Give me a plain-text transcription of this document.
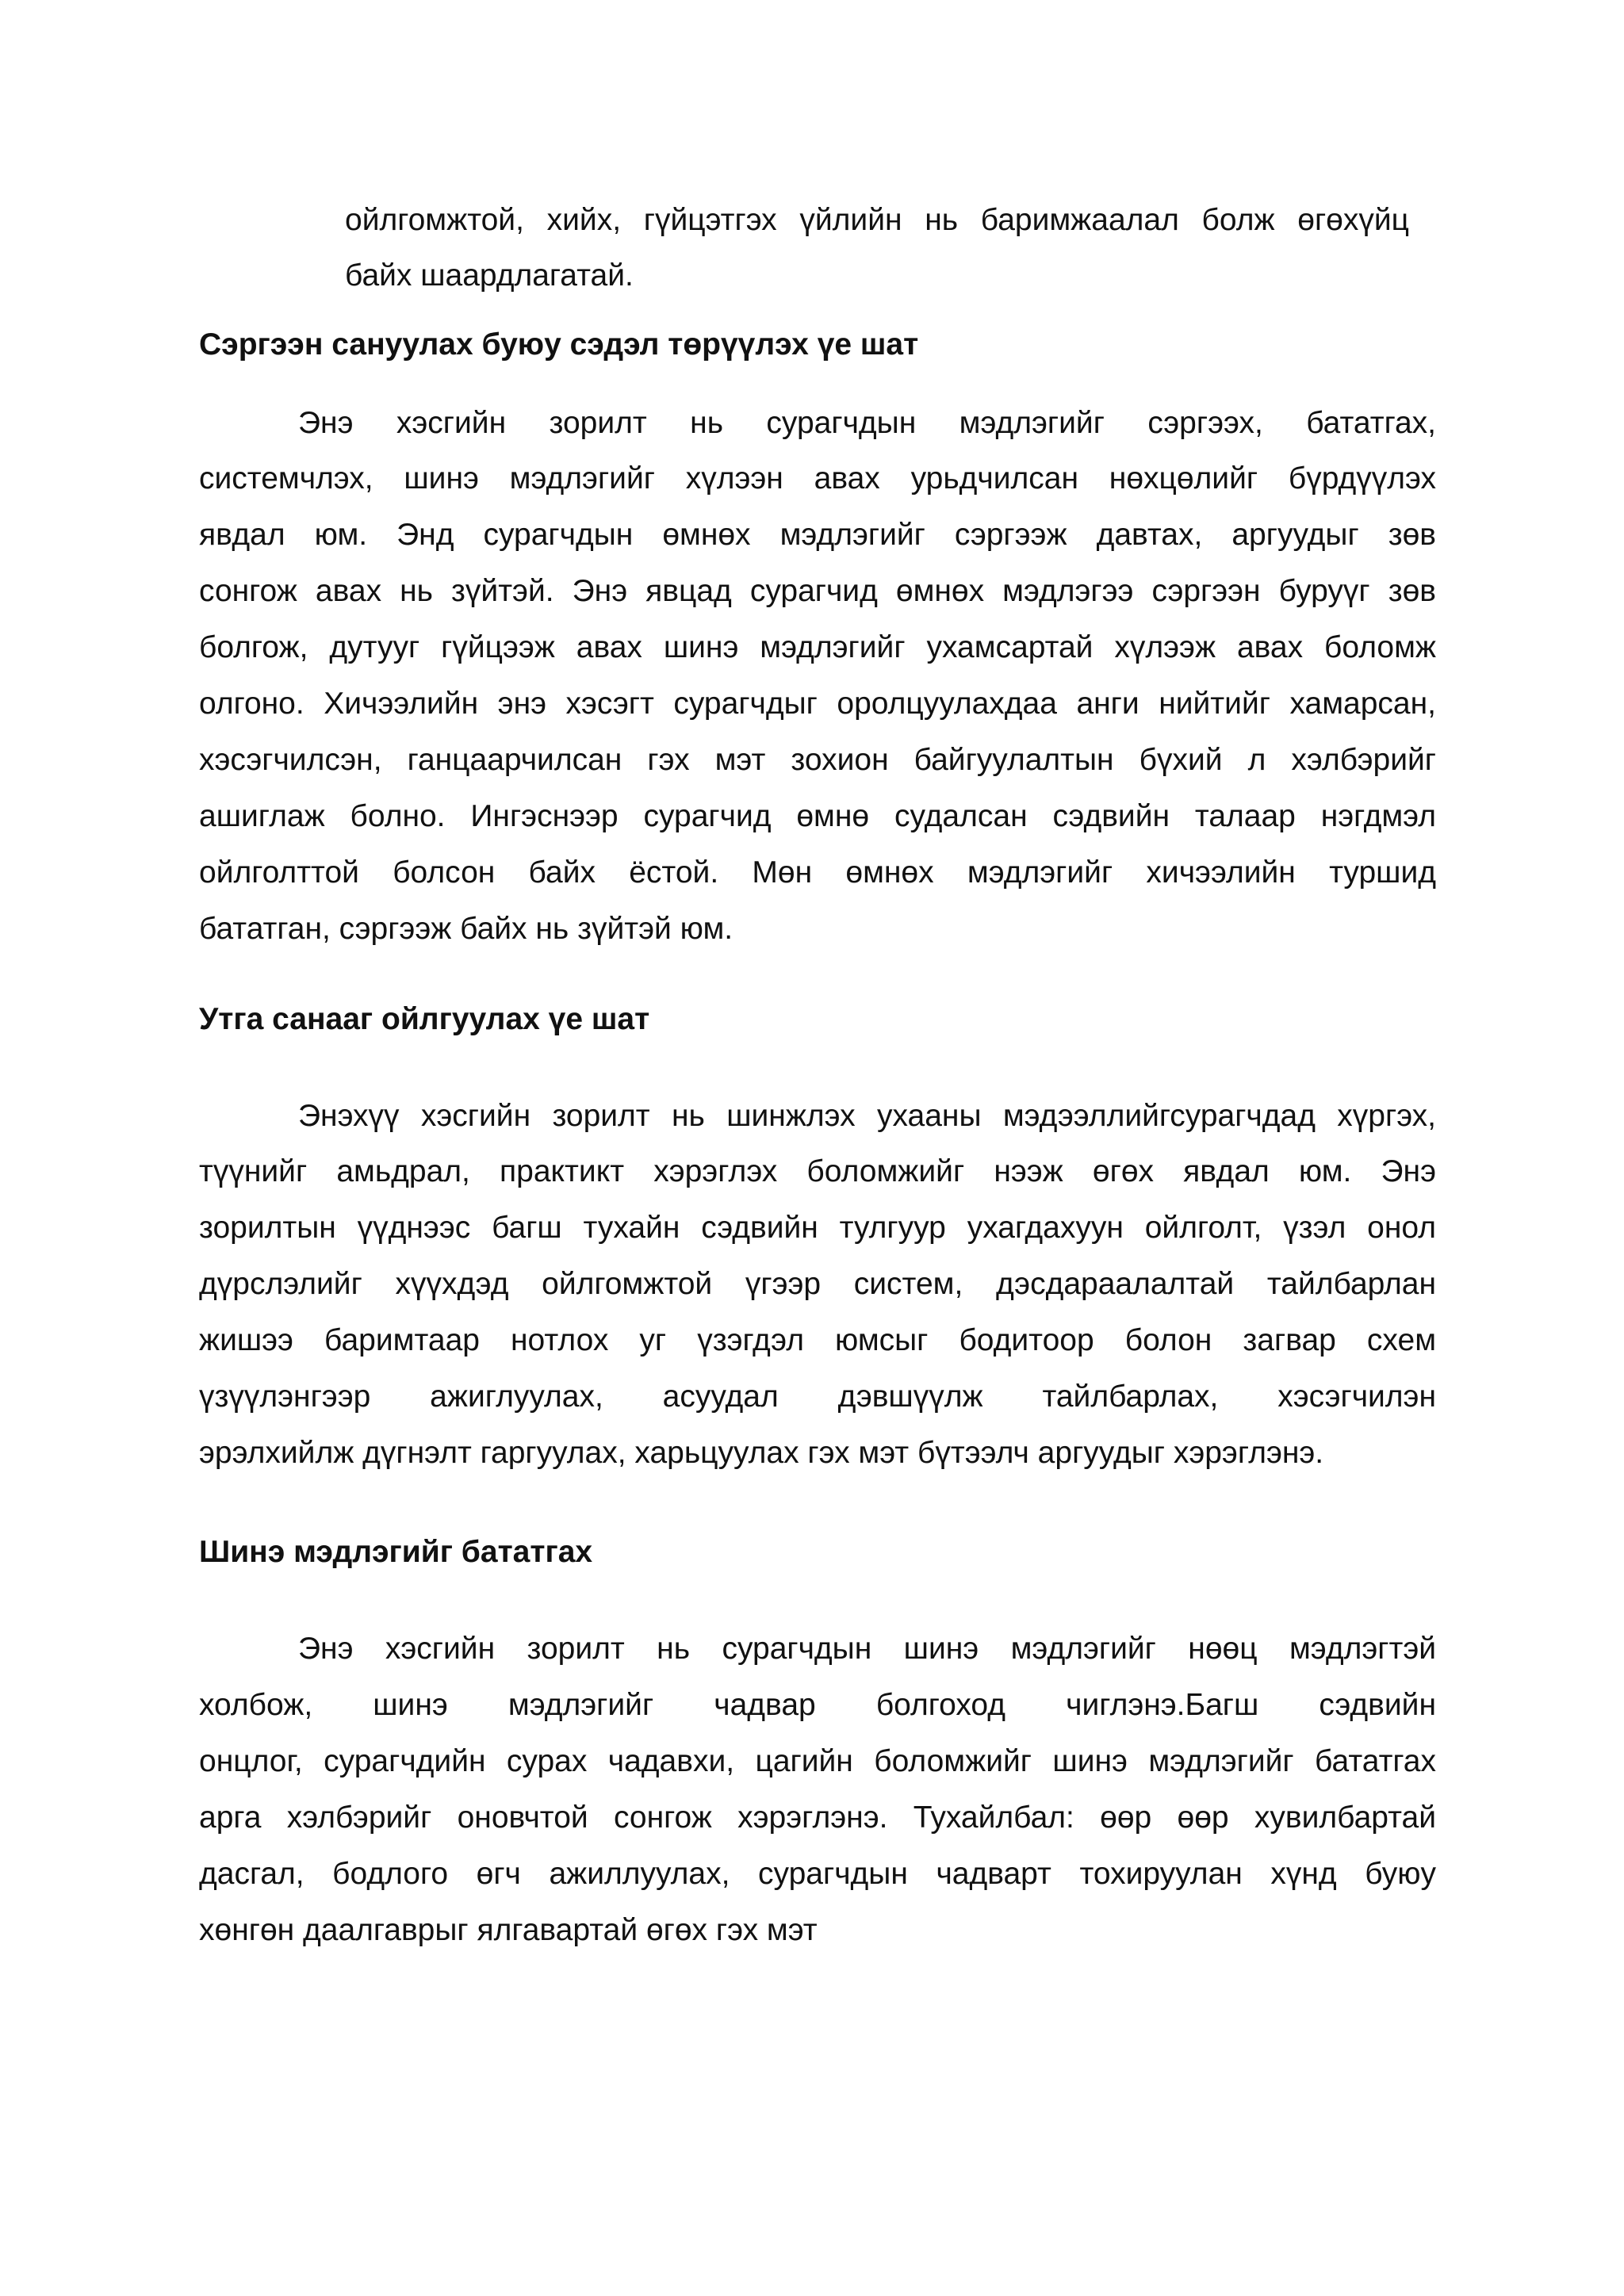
ойлгомжтой, хийх, гүйцэтгэх үйлийн нь баримжаалал болж өгөхүйц
байх шаардлагатай.
Сэргээн сануулах буюу сэдэл төрүүлэх үе шат
Энэ хэсгийн зорилт нь сурагчдын мэдлэгийг сэргээх, бататгах,
системчлэх, шинэ мэдлэгийг хүлээн авах урьдчилсан нөхцөлийг бүрдүүлэх
явдал юм. Энд сурагчдын өмнөх мэдлэгийг сэргээж давтах, аргуудыг зөв
сонгож авах нь зүйтэй. Энэ явцад сурагчид өмнөх мэдлэгээ сэргээн буруүг зөв
болгож, дутууг гүйцээж авах шинэ мэдлэгийг ухамсартай хүлээж авах боломж
олгоно. Хичээлийн энэ хэсэгт сурагчдыг оролцуулахдаа анги нийтийг хамарсан,
хэсэгчилсэн, ганцаарчилсан гэх мэт зохион байгуулалтын бүхий л хэлбэрийг
ашиглаж болно. Ингэснээр сурагчид өмнө судалсан сэдвийн талаар нэгдмэл
ойлголттой болсон байх ёстой. Мөн өмнөх мэдлэгийг хичээлийн туршид
бататган, сэргээж байх нь зүйтэй юм.
Утга санааг ойлгуулах үе шат
Энэхүү хэсгийн зорилт нь шинжлэх ухааны мэдээллийгсурагчдад хүргэх,
түүнийг амьдрал, практикт хэрэглэх боломжийг нээж өгөх явдал юм. Энэ
зорилтын үүднээс багш тухайн сэдвийн тулгуур ухагдахуун ойлголт, үзэл онол
дүрслэлийг хүүхдэд ойлгомжтой үгээр систем, дэсдараалалтай тайлбарлан
жишээ баримтаар нотлох уг үзэгдэл юмсыг бодитоор болон загвар схем
үзүүлэнгээр ажиглуулах, асуудал дэвшүүлж тайлбарлах, хэсэгчилэн
эрэлхийлж дүгнэлт гаргуулах, харьцуулах гэх мэт бүтээлч аргуудыг хэрэглэнэ.
Шинэ мэдлэгийг бататгах
Энэ хэсгийн зорилт нь сурагчдын шинэ мэдлэгийг нөөц мэдлэгтэй
холбож, шинэ мэдлэгийг чадвар болгоход чиглэнэ.Багш сэдвийн
онцлог, сурагчдийн сурах чадавхи, цагийн боломжийг шинэ мэдлэгийг бататгах
арга хэлбэрийг оновчтой сонгож хэрэглэнэ. Тухайлбал: өөр өөр хувилбартай
дасгал, бодлого өгч ажиллуулах, сурагчдын чадварт тохируулан хүнд буюу
хөнгөн даалгаврыг ялгавартай өгөх гэх мэт
